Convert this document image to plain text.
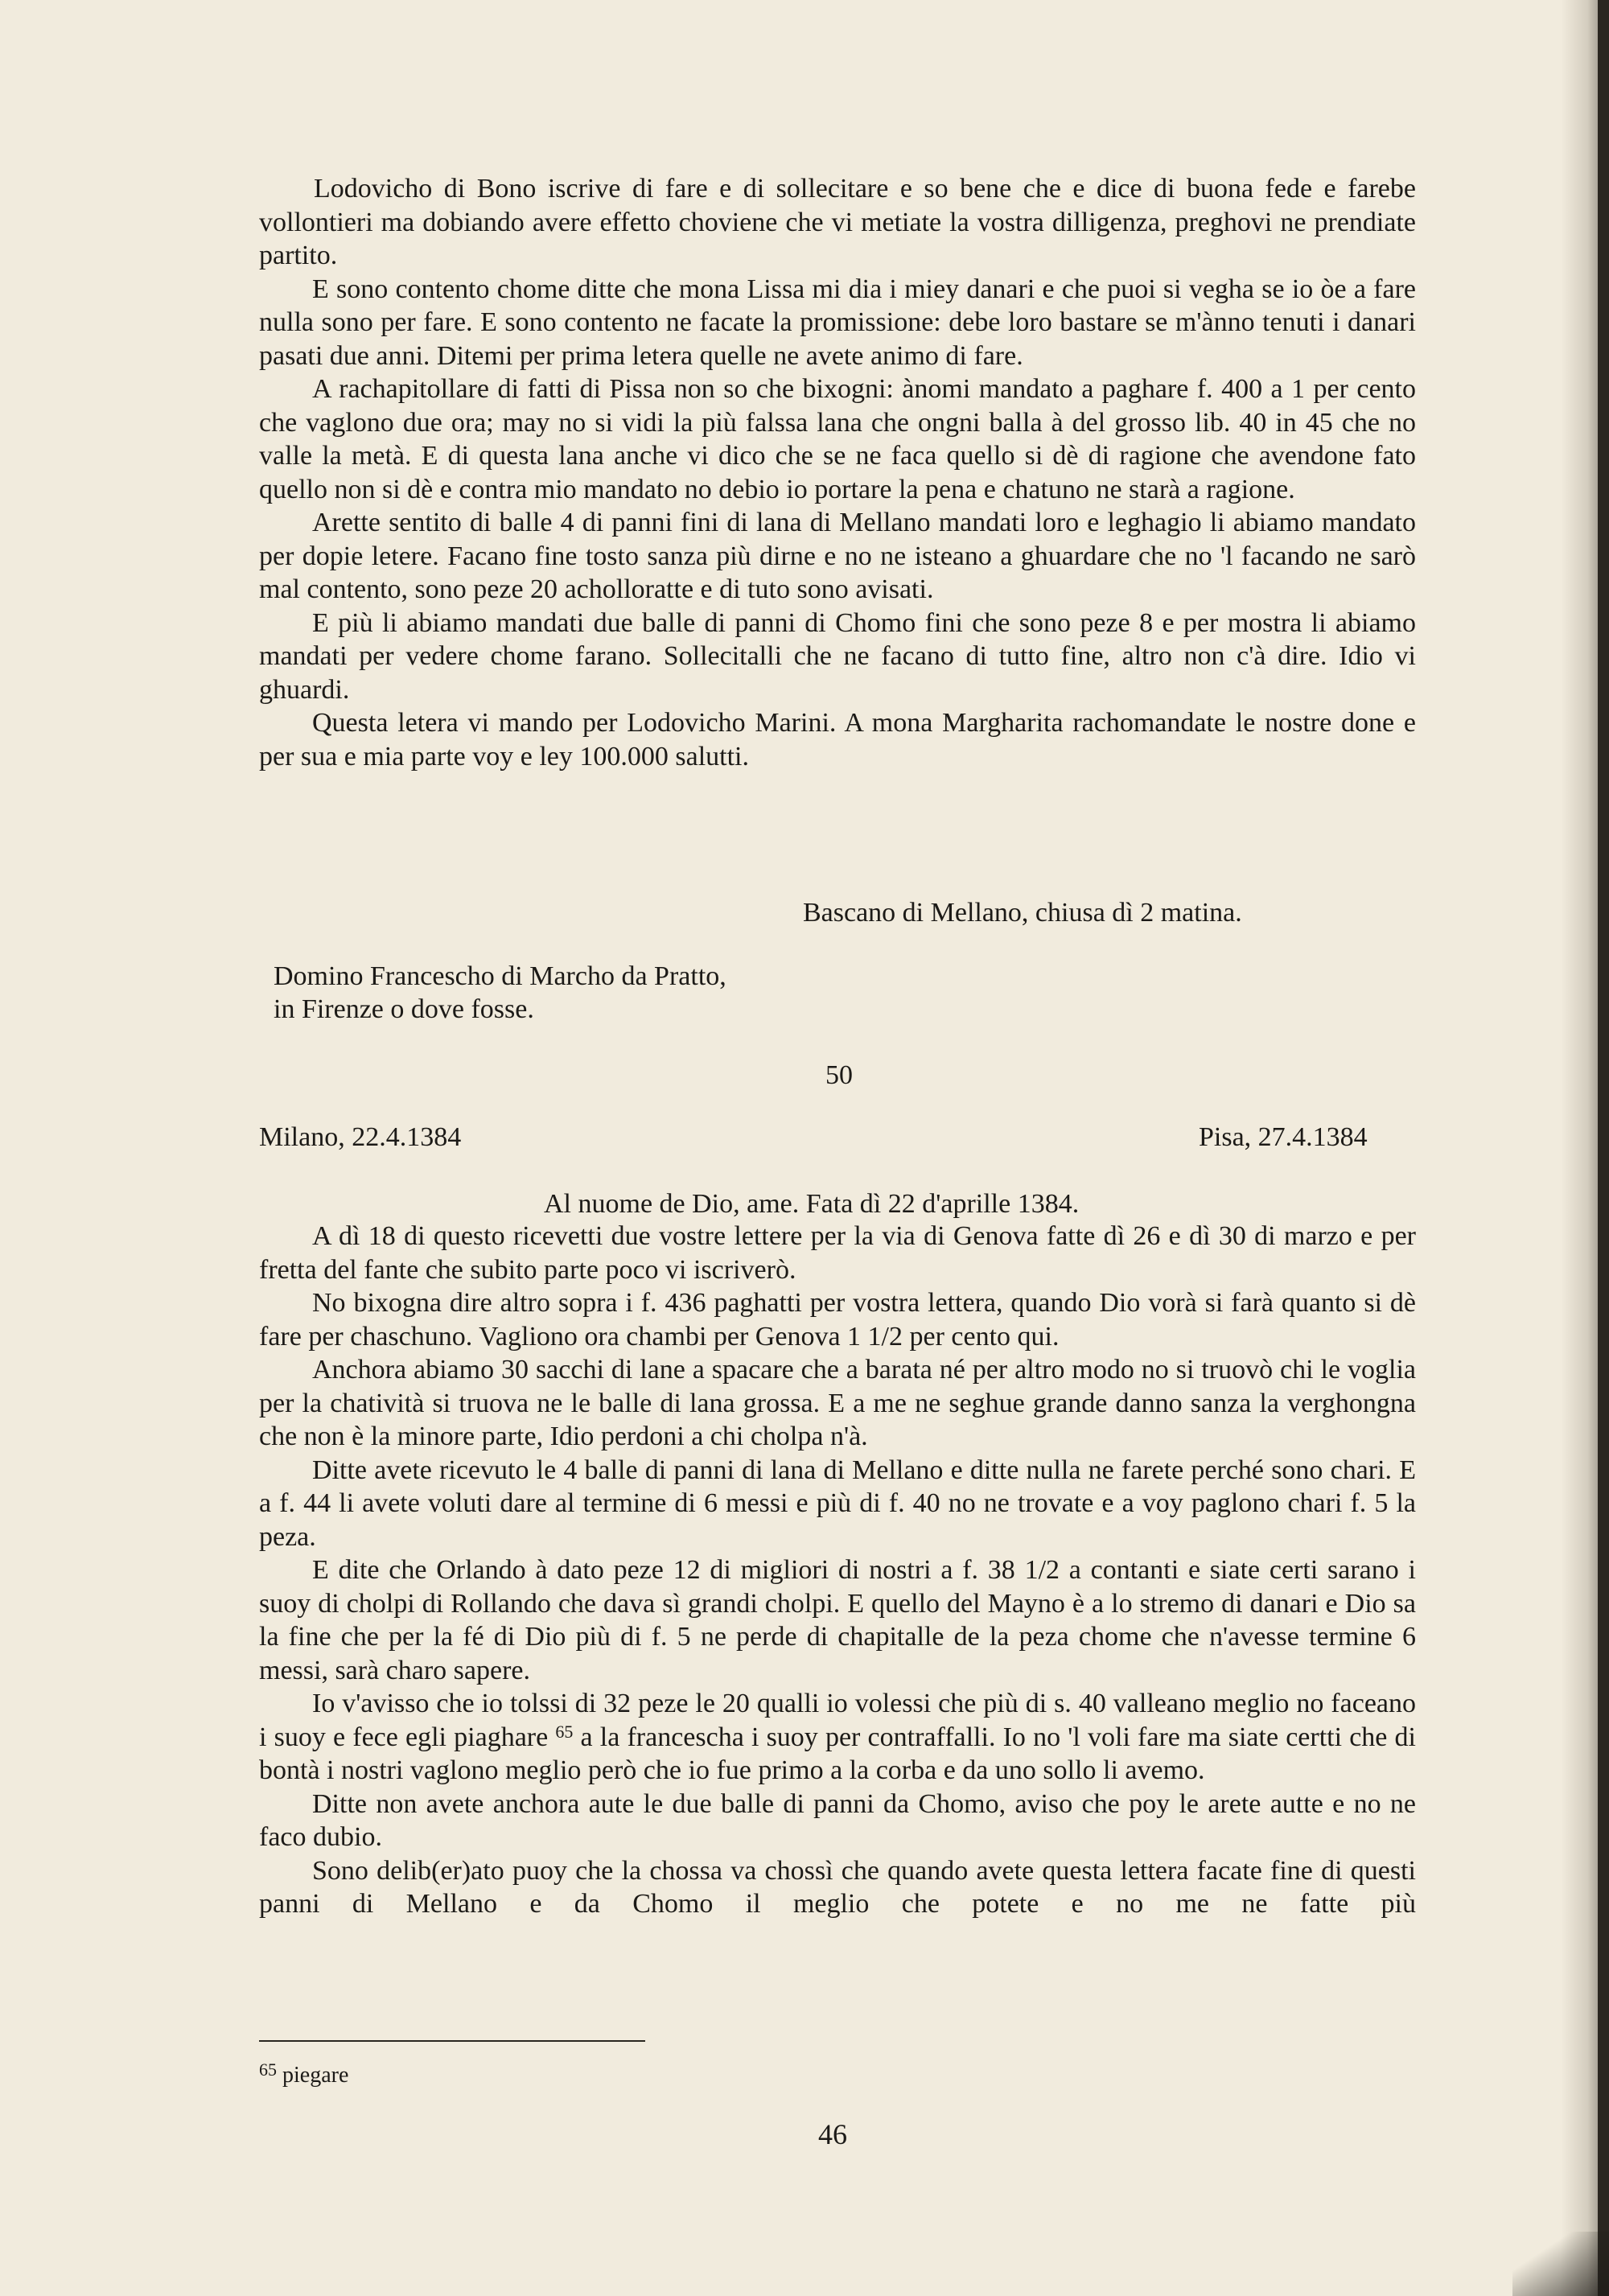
Lodovicho di Bono iscrive di fare e di sollecitare e so bene che e dice di buona fede e farebe vollontieri ma dobiando avere effetto choviene che vi metiate la vostra dilligenza, preghovi ne prendiate partito.

E sono contento chome ditte che mona Lissa mi dia i miey danari e che puoi si vegha se io òe a fare nulla sono per fare. E sono contento ne facate la promissione: debe loro bastare se m'ànno tenuti i danari pasati due anni. Ditemi per prima letera quelle ne avete animo di fare.

A rachapitollare di fatti di Pissa non so che bixogni: ànomi mandato a paghare f. 400 a 1 per cento che vaglono due ora; may no si vidi la più falssa lana che ongni balla à del grosso lib. 40 in 45 che no valle la metà. E di questa lana anche vi dico che se ne faca quello si dè di ragione che avendone fato quello non si dè e contra mio mandato no debio io portare la pena e chatuno ne starà a ragione.

Arette sentito di balle 4 di panni fini di lana di Mellano mandati loro e leghagio li abiamo mandato per dopie letere. Facano fine tosto sanza più dirne e no ne isteano a ghuardare che no 'l facando ne sarò mal contento, sono peze 20 acholloratte e di tuto sono avisati.

E più li abiamo mandati due balle di panni di Chomo fini che sono peze 8 e per mostra li abiamo mandati per vedere chome farano. Sollecitalli che ne facano di tutto fine, altro non c'à dire. Idio vi ghuardi.

Questa letera vi mando per Lodovicho Marini. A mona Margharita rachomandate le nostre done e per sua e mia parte voy e ley 100.000 salutti.

Bascano di Mellano, chiusa dì 2 matina.
Domino Francescho di Marcho da Pratto,
in Firenze o dove fosse.
50
Milano, 22.4.1384	Pisa, 27.4.1384
Al nuome de Dio, ame. Fata dì 22 d'aprille 1384.

A dì 18 di questo ricevetti due vostre lettere per la via di Genova fatte dì 26 e dì 30 di marzo e per fretta del fante che subito parte poco vi iscriverò.

No bixogna dire altro sopra i f. 436 paghatti per vostra lettera, quando Dio vorà si farà quanto si dè fare per chaschuno. Vagliono ora chambi per Genova 1 1/2 per cento qui.

Anchora abiamo 30 sacchi di lane a spacare che a barata né per altro modo no si truovò chi le voglia per la chatività si truova ne le balle di lana grossa. E a me ne seghue grande danno sanza la verghongna che non è la minore parte, Idio perdoni a chi cholpa n'à.

Ditte avete ricevuto le 4 balle di panni di lana di Mellano e ditte nulla ne farete perché sono chari. E a f. 44 li avete voluti dare al termine di 6 messi e più di f. 40 no ne trovate e a voy paglono chari f. 5 la peza.

E dite che Orlando à dato peze 12 di migliori di nostri a f. 38 1/2 a contanti e siate certi sarano i suoy di cholpi di Rollando che dava sì grandi cholpi. E quello del Mayno è a lo stremo di danari e Dio sa la fine che per la fé di Dio più di f. 5 ne perde di chapitalle de la peza chome che n'avesse termine 6 messi, sarà charo sapere.

Io v'avisso che io tolssi di 32 peze le 20 qualli io volessi che più di s. 40 valleano meglio no faceano i suoy e fece egli piaghare $^{65}$ a la francescha i suoy per contraffalli. Io no 'l voli fare ma siate certti che di bontà i nostri vaglono meglio però che io fue primo a la corba e da uno sollo li avemo.

Ditte non avete anchora aute le due balle di panni da Chomo, aviso che poy le arete autte e no ne faco dubio.

Sono delib(er)ato puoy che la chossa va chossì che quando avete questa lettera facate fine di questi panni di Mellano e da Chomo il meglio che potete e no me ne fatte più

$^{65}$ piegare
46
